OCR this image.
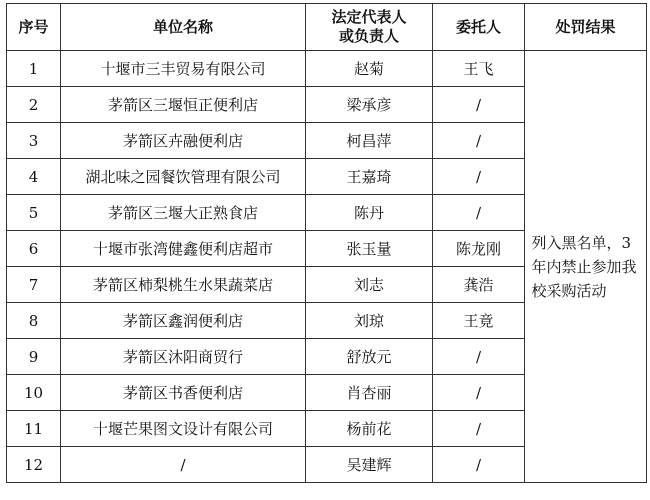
序号	单位名称	法定代表人或负责人	委托人	处罚结果
1	十堰市三丰贸易有限公司	赵菊	王飞	列入黑名单，3年内禁止参加我校采购活动
2	茅箭区三堰恒正便利店	梁承彦	/	
3	茅箭区卉融便利店	柯昌萍	/	
4	湖北味之园餐饮管理有限公司	王嘉琦	/	
5	茅箭区三堰大正熟食店	陈丹	/	
6	十堰市张湾健鑫便利店超市	张玉量	陈龙刚	
7	茅箭区柿梨桃生水果蔬菜店	刘志	龚浩	
8	茅箭区鑫润便利店	刘琼	王竟	
9	茅箭区沐阳商贸行	舒放元	/	
10	茅箭区书香便利店	肖杏丽	/	
11	十堰芒果图文设计有限公司	杨前花	/	
12	/	吴建辉	/	
